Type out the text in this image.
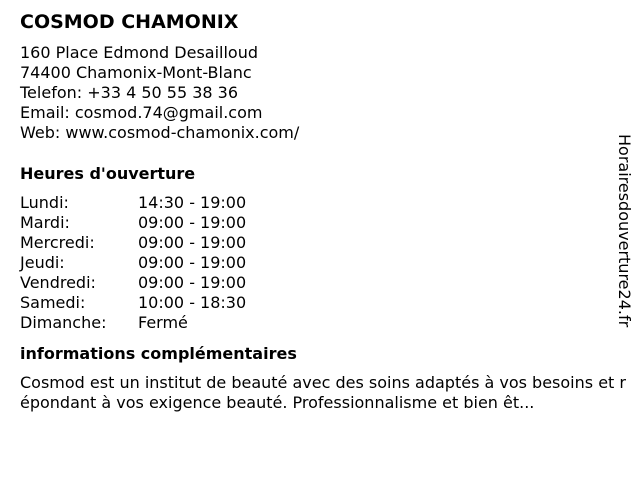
COSMOD CHAMONIX
160 Place Edmond Desailloud
74400 Chamonix-Mont-Blanc
Telefon: +33 4 50 55 38 36
Email: cosmod.74@gmail.com
Web: www.cosmod-chamonix.com/
Heures d'ouverture
Lundi:	14:30 - 19:00
Mardi:	09:00 - 19:00
Mercredi:	09:00 - 19:00
Jeudi:	09:00 - 19:00
Vendredi:	09:00 - 19:00
Samedi:	10:00 - 18:30
Dimanche:	Fermé
informations complémentaires
Cosmod est un institut de beauté avec des soins adaptés à vos besoins et répondant à vos exigence beauté. Professionnalisme et bien êt...
Horairesdouverture24.fr
